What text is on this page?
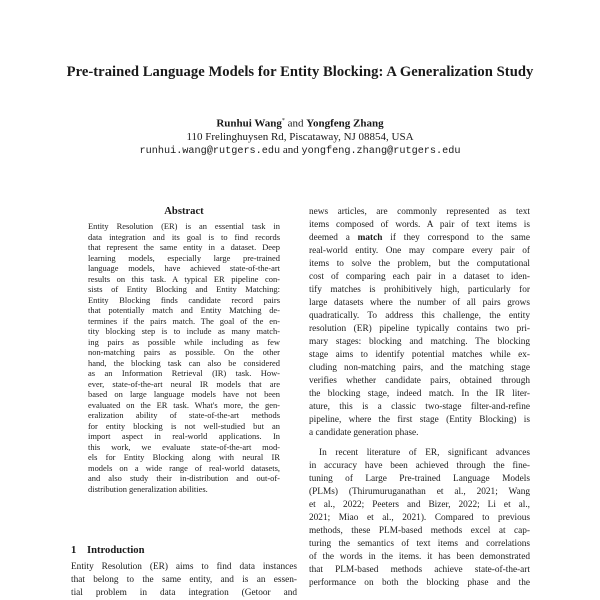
Pre-trained Language Models for Entity Blocking: A Generalization Study
Runhui Wang* and Yongfeng Zhang
110 Frelinghuysen Rd, Piscataway, NJ 08854, USA
runhui.wang@rutgers.edu and yongfeng.zhang@rutgers.edu
Abstract
Entity Resolution (ER) is an essential task in
data integration and its goal is to find records
that represent the same entity in a dataset. Deep
learning models, especially large pre-trained
language models, have achieved state-of-the-art
results on this task. A typical ER pipeline con-
sists of Entity Blocking and Entity Matching:
Entity Blocking finds candidate record pairs
that potentially match and Entity Matching de-
termines if the pairs match. The goal of the en-
tity blocking step is to include as many match-
ing pairs as possible while including as few
non-matching pairs as possible. On the other
hand, the blocking task can also be considered
as an Information Retrieval (IR) task. How-
ever, state-of-the-art neural IR models that are
based on large language models have not been
evaluated on the ER task. What's more, the gen-
eralization ability of state-of-the-art methods
for entity blocking is not well-studied but an
import aspect in real-world applications. In
this work, we evaluate state-of-the-art mod-
els for Entity Blocking along with neural IR
models on a wide range of real-world datasets,
and also study their in-distribution and out-of-
distribution generalization abilities.
1 Introduction
Entity Resolution (ER) aims to find data instances
that belong to the same entity, and is an essen-
tial problem in data integration (Getoor and
news articles, are commonly represented as text
items composed of words. A pair of text items is
deemed a match if they correspond to the same
real-world entity. One may compare every pair of
items to solve the problem, but the computational
cost of comparing each pair in a dataset to iden-
tify matches is prohibitively high, particularly for
large datasets where the number of all pairs grows
quadratically. To address this challenge, the entity
resolution (ER) pipeline typically contains two pri-
mary stages: blocking and matching. The blocking
stage aims to identify potential matches while ex-
cluding non-matching pairs, and the matching stage
verifies whether candidate pairs, obtained through
the blocking stage, indeed match. In the IR liter-
ature, this is a classic two-stage filter-and-refine
pipeline, where the first stage (Entity Blocking) is
a candidate generation phase.
In recent literature of ER, significant advances
in accuracy have been achieved through the fine-
tuning of Large Pre-trained Language Models
(PLMs) (Thirumuruganathan et al., 2021; Wang
et al., 2022; Peeters and Bizer, 2022; Li et al.,
2021; Miao et al., 2021). Compared to previous
methods, these PLM-based methods excel at cap-
turing the semantics of text items and correlations
of the words in the items. it has been demonstrated
that PLM-based methods achieve state-of-the-art
performance on both the blocking phase and the
